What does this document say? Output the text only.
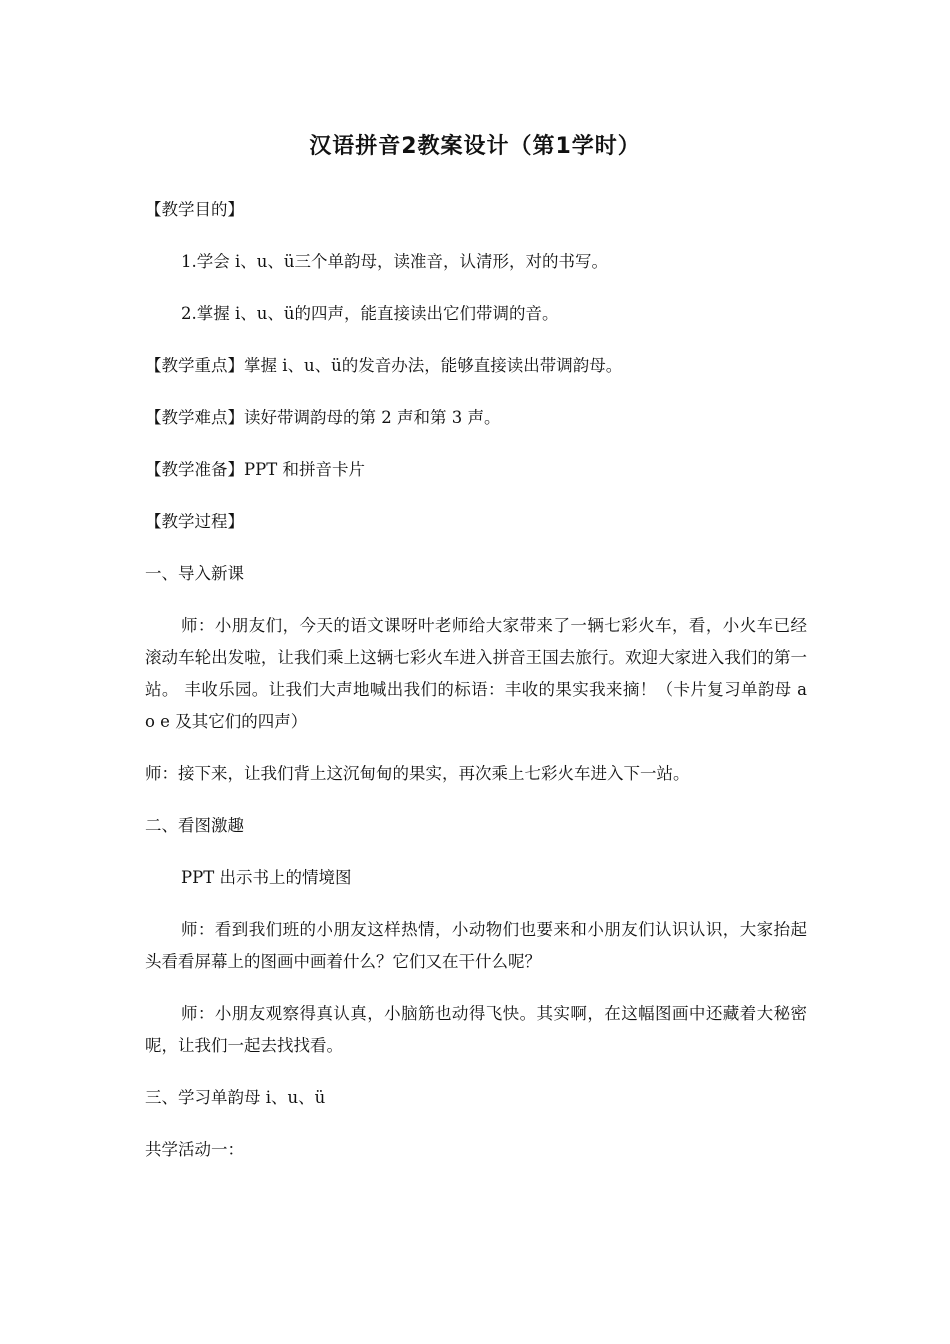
汉语拼音2教案设计（第1学时）

【教学目的】

1.学会 i、u、ü三个单韵母，读准音，认清形，对的书写。

2.掌握 i、u、ü的四声，能直接读出它们带调的音。

【教学重点】掌握 i、u、ü的发音办法，能够直接读出带调韵母。

【教学难点】读好带调韵母的第 2 声和第 3 声。

【教学准备】PPT 和拼音卡片

【教学过程】

一、导入新课

师：小朋友们，今天的语文课呀叶老师给大家带来了一辆七彩火车，看，小火车已经滚动车轮出发啦，让我们乘上这辆七彩火车进入拼音王国去旅行。欢迎大家进入我们的第一站。 丰收乐园。让我们大声地喊出我们的标语：丰收的果实我来摘！（卡片复习单韵母 a o e 及其它们的四声）

师：接下来，让我们背上这沉甸甸的果实，再次乘上七彩火车进入下一站。

二、看图激趣

PPT 出示书上的情境图

师：看到我们班的小朋友这样热情，小动物们也要来和小朋友们认识认识，大家抬起头看看屏幕上的图画中画着什么？它们又在干什么呢？

师：小朋友观察得真认真，小脑筋也动得飞快。其实啊，在这幅图画中还藏着大秘密呢，让我们一起去找找看。

三、学习单韵母 i、u、ü

共学活动一：
